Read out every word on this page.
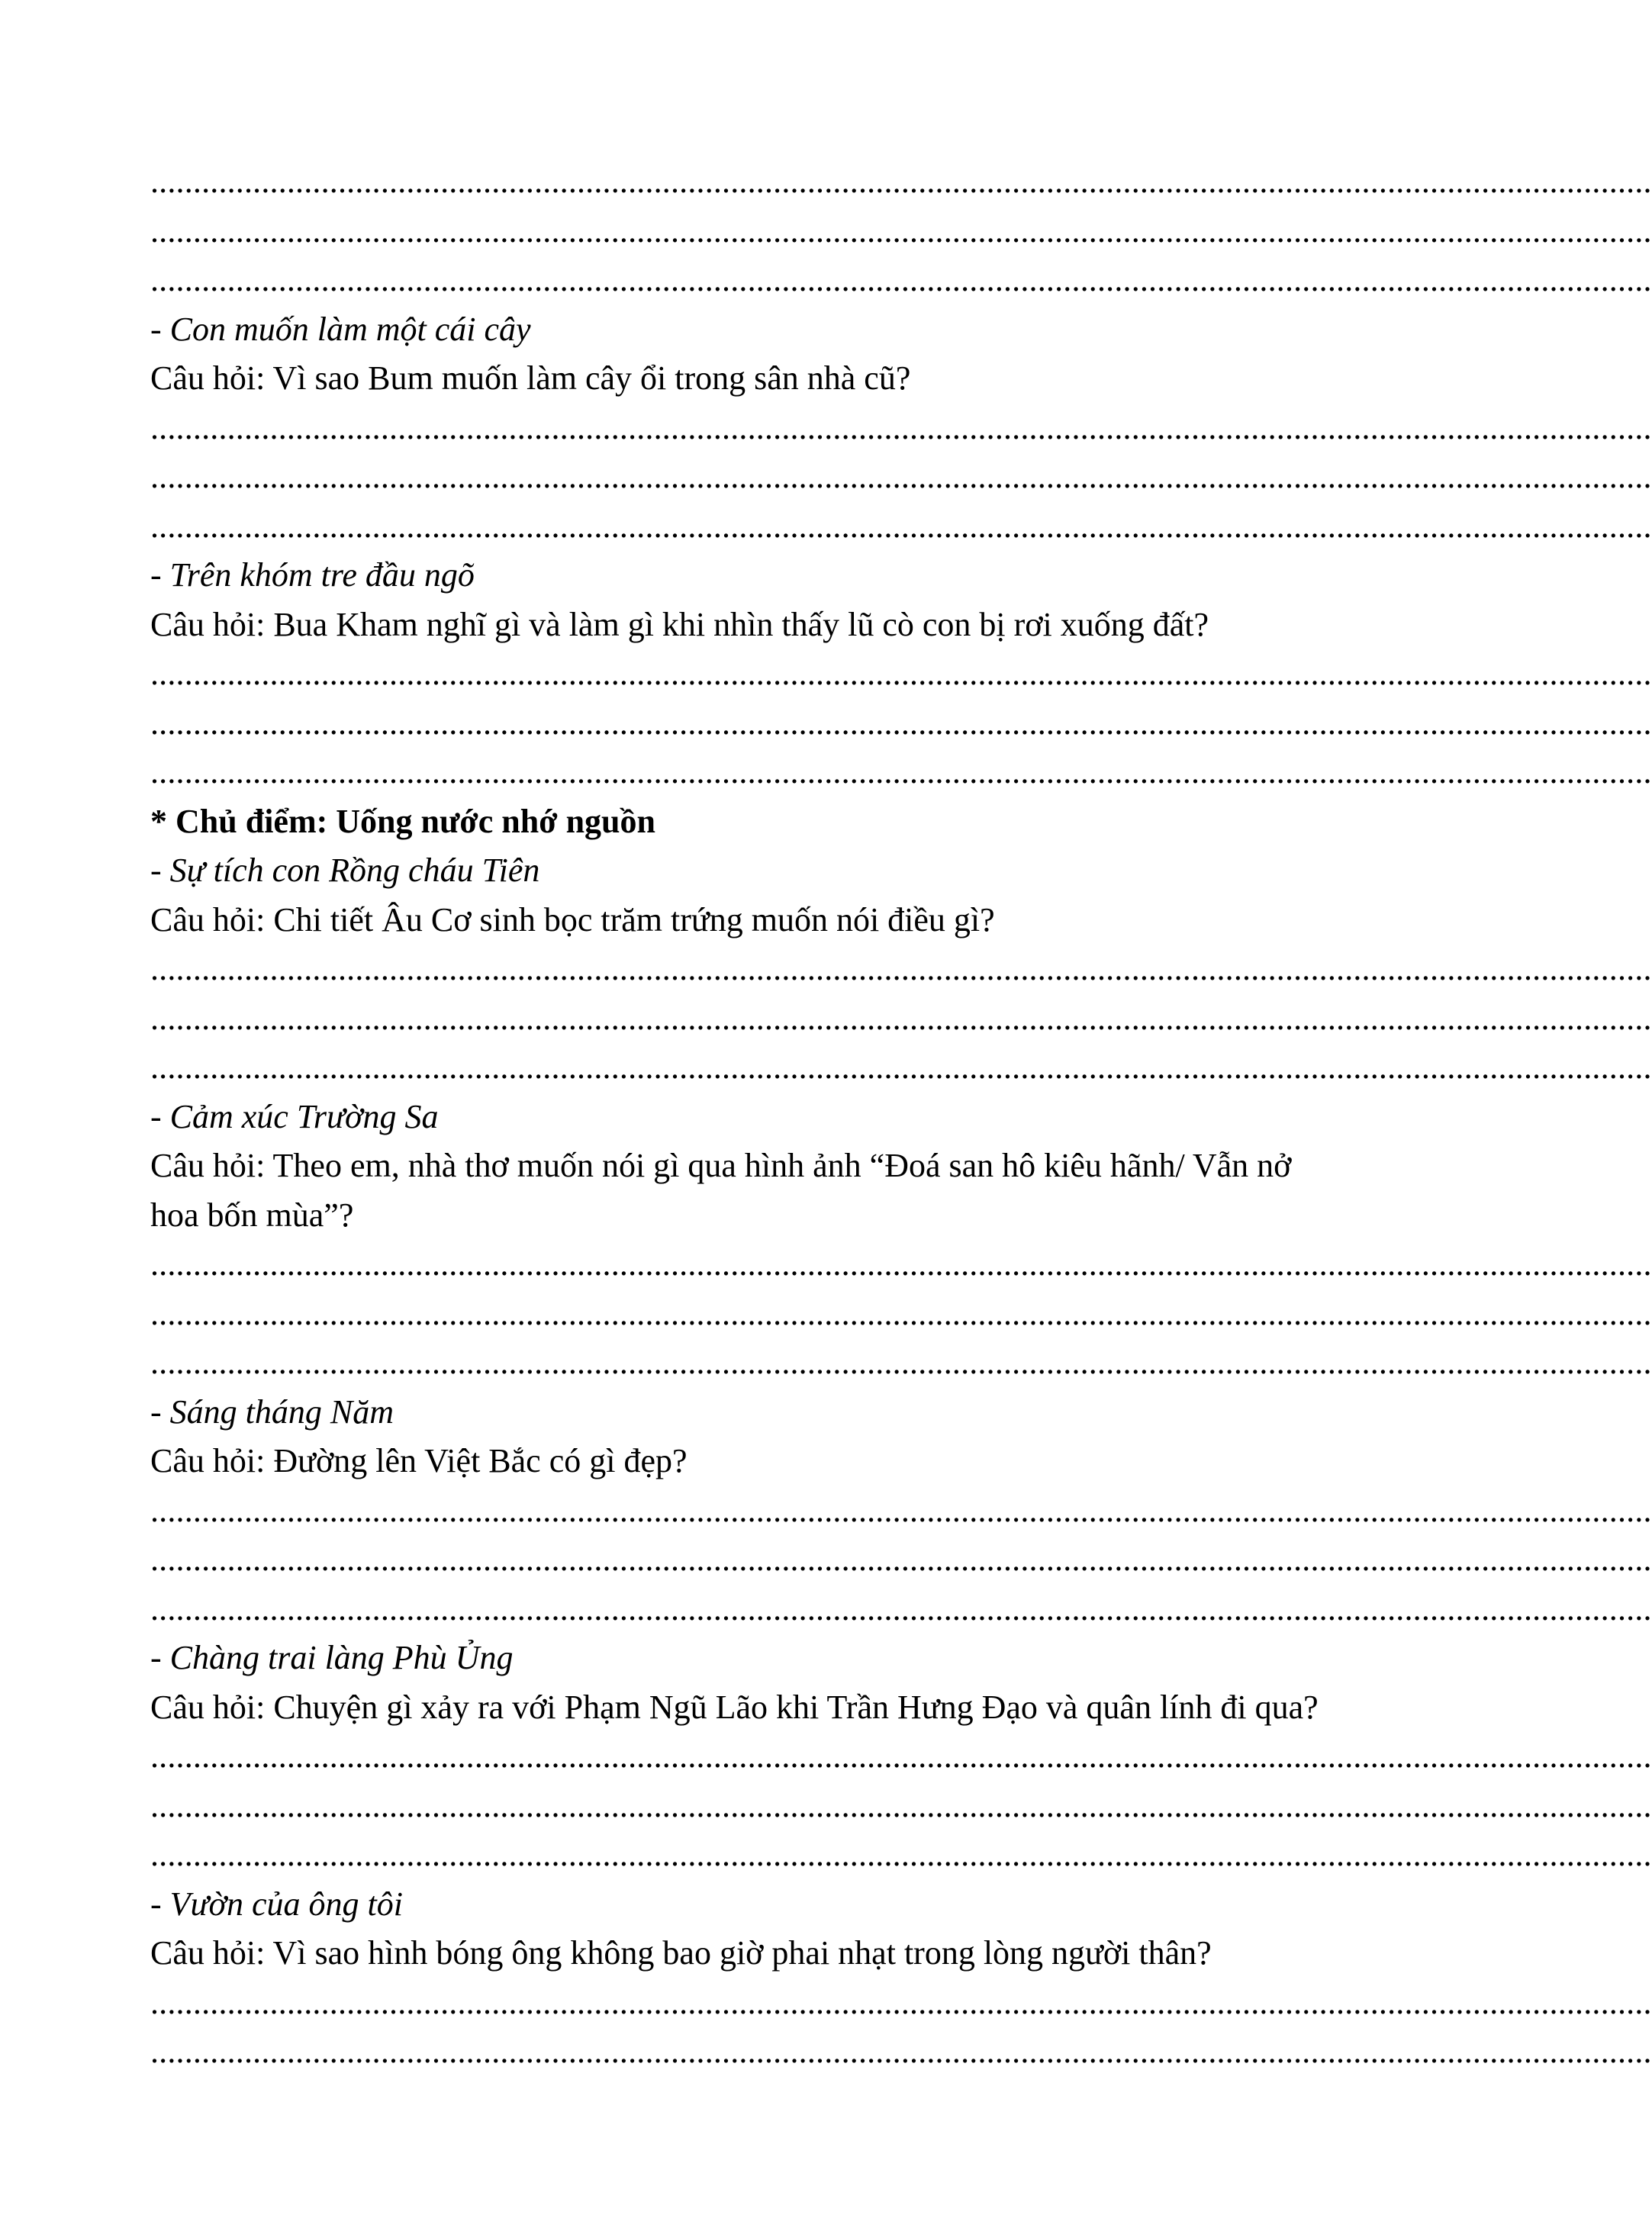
................................................................................................................................................................................
................................................................................................................................................................................
................................................................................................................................................................................
- Con muốn làm một cái cây
Câu hỏi: Vì sao Bum muốn làm cây ổi trong sân nhà cũ?
................................................................................................................................................................................
................................................................................................................................................................................
................................................................................................................................................................................
- Trên khóm tre đầu ngõ
Câu hỏi: Bua Kham nghĩ gì và làm gì khi nhìn thấy lũ cò con bị rơi xuống đất?
................................................................................................................................................................................
................................................................................................................................................................................
................................................................................................................................................................................
* Chủ điểm: Uống nước nhớ nguồn
- Sự tích con Rồng cháu Tiên
Câu hỏi: Chi tiết Âu Cơ sinh bọc trăm trứng muốn nói điều gì?
................................................................................................................................................................................
................................................................................................................................................................................
................................................................................................................................................................................
- Cảm xúc Trường Sa
Câu hỏi: Theo em, nhà thơ muốn nói gì qua hình ảnh “Đoá san hô kiêu hãnh/ Vẫn nở
hoa bốn mùa”?
................................................................................................................................................................................
................................................................................................................................................................................
................................................................................................................................................................................
- Sáng tháng Năm
Câu hỏi: Đường lên Việt Bắc có gì đẹp?
................................................................................................................................................................................
................................................................................................................................................................................
................................................................................................................................................................................
- Chàng trai làng Phù Ủng
Câu hỏi: Chuyện gì xảy ra với Phạm Ngũ Lão khi Trần Hưng Đạo và quân lính đi qua?
................................................................................................................................................................................
................................................................................................................................................................................
................................................................................................................................................................................
- Vườn của ông tôi
Câu hỏi: Vì sao hình bóng ông không bao giờ phai nhạt trong lòng người thân?
................................................................................................................................................................................
................................................................................................................................................................................
